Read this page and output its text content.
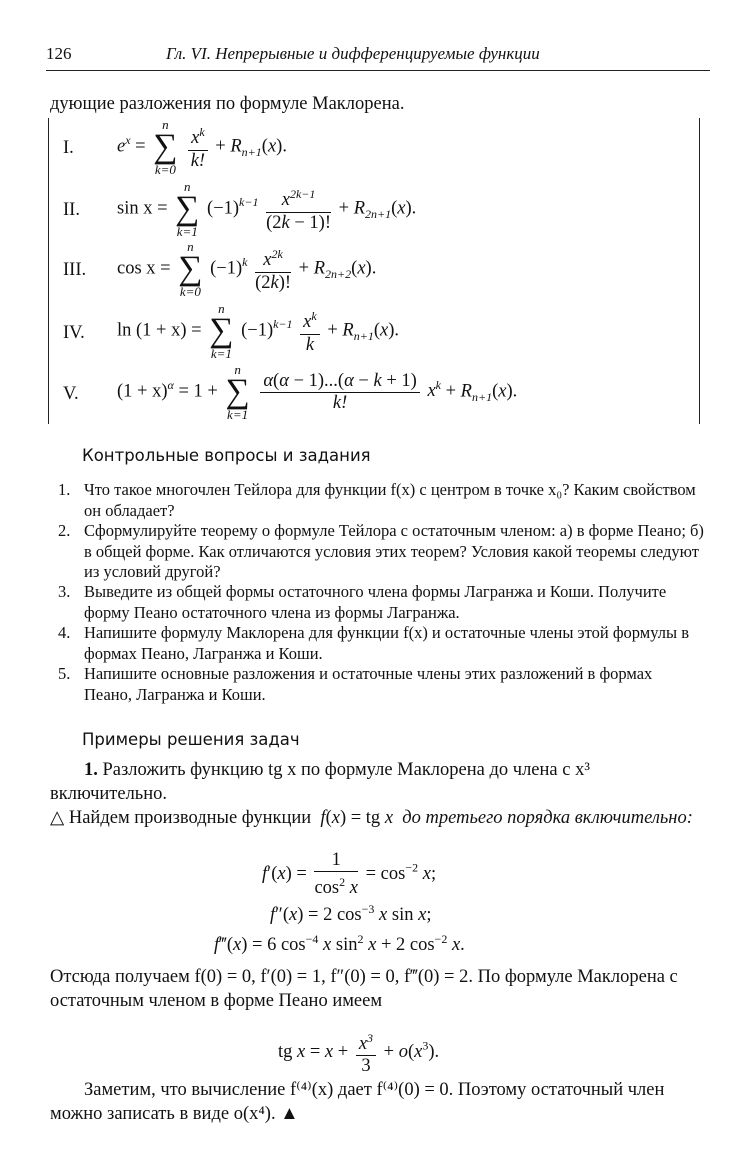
126	Гл. VI. Непрерывные и дифференцируемые функции
дующие разложения по формуле Маклорена.
I. $e^x$ =
n
∑
k=0
$\frac{x^k}{k!} + R_{n+1}(x)$.
II. sin x =
n
∑
k=1
$(-1)^{k-1} \frac{x^{2k-1}}{(2k - 1)!} + R_{2n+1}(x)$.
III. cos x =
n
∑
k=0
$(-1)^k \frac{x^{2k}}{(2k)!} + R_{2n+2}(x)$.
IV. ln (1 + x) =
n
∑
k=1
$(-1)^{k-1} \frac{x^k}{k} + R_{n+1}(x)$.
V. $(1 + x)^\alpha = 1$ +
n
∑
k=1

$\frac{\alpha(\alpha - 1)...(\alpha - k + 1)}{k!} x^k + R_{n+1}(x)$.
Контрольные вопросы и задания
1. Что такое многочлен Тейлора для функции f(x) с центром в точке x₀? Каким свойством он обладает?
2. Сформулируйте теорему о формуле Тейлора с остаточным членом: а) в форме Пеано; б) в общей форме. Как отличаются условия этих теорем? Условия какой теоремы следуют из условий другой?
3. Выведите из общей формы остаточного члена формы Лагранжа и Коши. Получите форму Пеано остаточного члена из формы Лагранжа.
4. Напишите формулу Маклорена для функции f(x) и остаточные члены этой формулы в формах Пеано, Лагранжа и Коши.
5. Напишите основные разложения и остаточные члены этих разложений в формах Пеано, Лагранжа и Коши.
Примеры решения задач
1. Разложить функцию tg x по формуле Маклорена до члена с x³ включительно.
△ Найдем производные функции f(x) = tg x до третьего порядка включительно:
$f'(x) = \frac{1}{\cos^2 x} = \cos^{-2} x$;
f″(x) = 2 $\cos^{-3} x$ sin x;
f‴(x) = 6 $\cos^{-4} x$ $\sin^2 x + 2$ $\cos^{-2} x$.
Отсюда получаем f(0) = 0, f′(0) = 1, f″(0) = 0, f‴(0) = 2. По формуле Маклорена с остаточным членом в форме Пеано имеем
tg $x = x + \frac{x^3}{3} + o(x^3)$.
Заметим, что вычисление f⁽⁴⁾(x) дает f⁽⁴⁾(0) = 0. Поэтому остаточный член можно записать в виде o(x⁴). ▲
